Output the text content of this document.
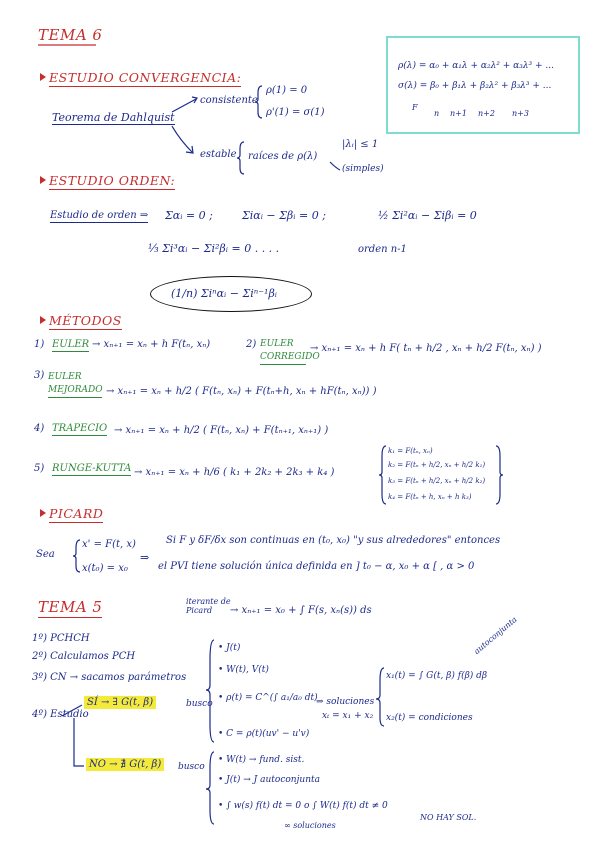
TEMA 6
ρ(λ) = α₀ + α₁λ + α₂λ² + α₃λ³ + ...
σ(λ) = β₀ + β₁λ + β₂λ² + β₃λ³ + ...
F
n n+1 n+2 n+3
ESTUDIO CONVERGENCIA:
Teorema de Dahlquist
consistente
ρ(1) = 0
ρ'(1) = σ(1)
estable raíces de ρ(λ)
|λᵢ| ≤ 1
(simples)
ESTUDIO ORDEN:
Estudio de orden ⇒ Σαᵢ = 0 ;	Σiαᵢ − Σβᵢ = 0 ;	½ Σi²αᵢ − Σiβᵢ = 0
⅓ Σi³αᵢ − Σi²βᵢ = 0 . . . .	orden n-1
(1/n) Σiⁿαᵢ − Σiⁿ⁻¹βᵢ
MÉTODOS
1) EULER → xₙ₊₁ = xₙ + h F(tₙ, xₙ)	2) EULER CORREGIDO
→ xₙ₊₁ = xₙ + h F( tₙ + h/2 , xₙ + h/2 F(tₙ, xₙ) )
3) EULER MEJORADO → xₙ₊₁ = xₙ + h/2 ( F(tₙ, xₙ) + F(tₙ+h, xₙ + hF(tₙ, xₙ)) )
4) TRAPECIO → xₙ₊₁ = xₙ + h/2 ( F(tₙ, xₙ) + F(tₙ₊₁, xₙ₊₁) )
5) RUNGE-KUTTA → xₙ₊₁ = xₙ + h/6 ( k₁ + 2k₂ + 2k₃ + k₄ )
k₁ = F(tₙ, xₙ)
k₂ = F(tₙ + h/2, xₙ + h/2 k₁)
k₃ = F(tₙ + h/2, xₙ + h/2 k₂)
k₄ = F(tₙ + h, xₙ + h k₃)
PICARD
Sea
x' = F(t, x)
x(t₀) = x₀
⇒
Si F y δF/δx son continuas en (t₀, x₀) "y sus alrededores" entonces
el PVI tiene solución única definida en ] t₀ − α, x₀ + α [ , α > 0
TEMA 5	iterante de Picard	→ xₙ₊₁ = x₀ + ∫ F(s, xₙ(s)) ds
1º) PCHCH
2º) Calculamos PCH
3º) CN → sacamos parámetros
4º) Estudio
SÍ → ∃ G(t, β)	busco
NO → ∄ G(t, β)	busco
• J(t)
• W(t), V(t)
• ρ(t) = C^(∫ a₁/a₀ dt)
• C = ρ(t)(uv' − u'v)
⇒ soluciones
xₜ = x₁ + x₂
x₁(t) = ∫ G(t, β) f(β) dβ
autoconjunta
x₂(t) = condiciones
• W(t) → fund. sist.
• J(t) → J autoconjunta
• ∫ w(s) f(t) dt = 0 o ∫ W(t) f(t) dt ≠ 0
∞ soluciones
NO HAY SOL.
